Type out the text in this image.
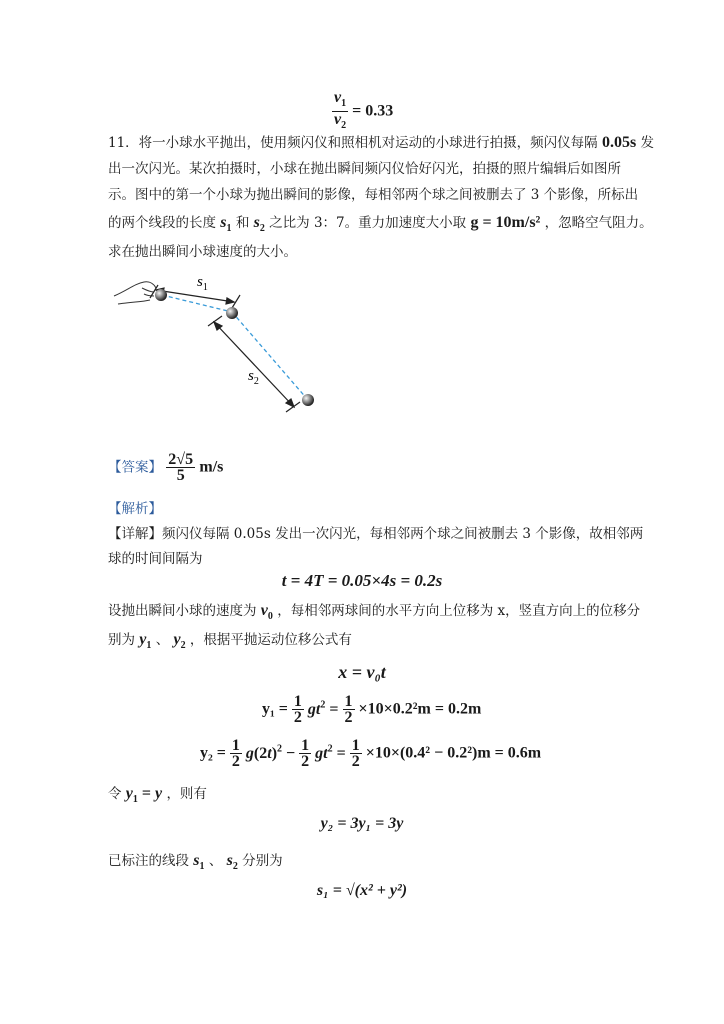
$\frac{v_1}{v_2} = 0.33$
11．将一小球水平抛出，使用频闪仪和照相机对运动的小球进行拍摄，频闪仪每隔 0.05s 发
出一次闪光。某次拍摄时，小球在抛出瞬间频闪仪恰好闪光，拍摄的照片编辑后如图所
示。图中的第一个小球为抛出瞬间的影像，每相邻两个球之间被删去了 3 个影像，所标出
的两个线段的长度 $s_1$ 和 $s_2$ 之比为 3：7。重力加速度大小取 g = 10m/s² ，忽略空气阻力。
求在抛出瞬间小球速度的大小。
$s_1$
$s_2$
【答案】 $\frac{2√5}{5} m/s$
【解析】
【详解】频闪仪每隔 0.05s 发出一次闪光，每相邻两个球之间被删去 3 个影像，故相邻两
球的时间间隔为
t = 4T = 0.05×4s = 0.2s
设抛出瞬间小球的速度为 $v_0$ ，每相邻两球间的水平方向上位移为 x，竖直方向上的位移分
别为 $y_1$ 、 $y_2$ ，根据平抛运动位移公式有
x = v₀t
$y_1 = \frac{1}{2} gt^2 = \frac{1}{2} \times 10\times 0.2^2m = 0.2m$
$y_2 = \frac{1}{2} g(2t)^2 - \frac{1}{2} gt^2 = \frac{1}{2} \times 10\times(0.4^2 - 0.2^2)m = 0.6m$
令 $y_1 = y$ ，则有
y₂ = 3y₁ = 3y
已标注的线段 $s_1$ 、 $s_2$ 分别为
s₁ = √(x² + y²)
